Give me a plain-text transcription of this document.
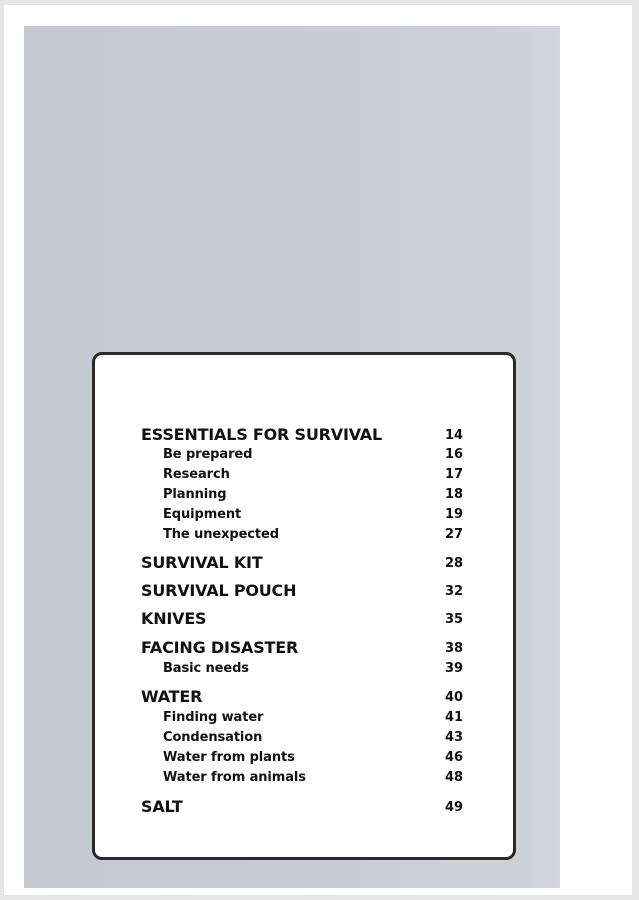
ESSENTIALS FOR SURVIVAL	14
Be prepared	16
Research	17
Planning	18
Equipment	19
The unexpected	27
SURVIVAL KIT	28
SURVIVAL POUCH	32
KNIVES	35
FACING DISASTER	38
Basic needs	39
WATER	40
Finding water	41
Condensation	43
Water from plants	46
Water from animals	48
SALT	49
